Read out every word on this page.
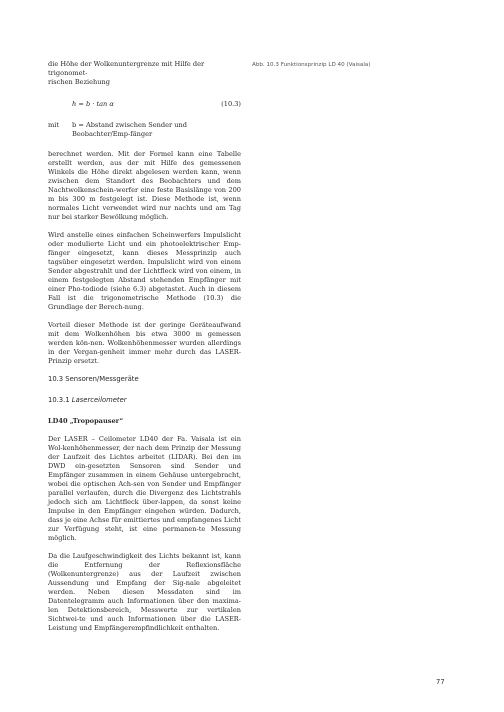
die Höhe der Wolkenuntergrenze mit Hilfe der trigonomet-
rischen Beziehung

h = b · tan α	(10.3)
mit	b = Abstand zwischen Sender und Beobachter/Emp-fänger

berechnet werden. Mit der Formel kann eine Tabelle erstellt werden, aus der mit Hilfe des gemessenen Winkels die Höhe direkt abgelesen werden kann, wenn zwischen dem Standort des Beobachters und dem Nachtwolkenschein-werfer eine feste Basislänge von 200 m bis 300 m festgelegt ist. Diese Methode ist, wenn normales Licht verwendet wird nur nachts und am Tag nur bei starker Bewölkung möglich.

Wird anstelle eines einfachen Scheinwerfers Impulslicht oder modulierte Licht und ein photoelektrischer Emp-fänger eingesetzt, kann dieses Messprinzip auch tagsüber eingesetzt werden. Impulslicht wird von einem Sender abgestrahlt und der Lichtfleck wird von einem, in einem festgelegten Abstand stehenden Empfänger mit einer Pho-todiode (siehe 6.3) abgetastet. Auch in diesem Fall ist die trigonometrische Methode (10.3) die Grundlage der Berech-nung.

Vorteil dieser Methode ist der geringe Geräteaufwand mit dem Wolkenhöhen bis etwa 3000 m gemessen werden kön-nen. Wolkenhöhenmesser wurden allerdings in der Vergan-genheit immer mehr durch das LASER-Prinzip ersetzt.

10.3 Sensoren/Messgeräte
10.3.1 Laserceilometer

LD40 „Tropopauser“

Der LASER – Ceilometer LD40 der Fa. Vaisala ist ein Wol-kenhöhenmesser, der nach dem Prinzip der Messung der Laufzeit des Lichtes arbeitet (LIDAR). Bei den im DWD ein-gesetzten Sensoren sind Sender und Empfänger zusammen in einem Gehäuse untergebracht, wobei die optischen Ach-sen von Sender und Empfänger parallel verlaufen, durch die Divergenz des Lichtstrahls jedoch sich am Lichtfleck über-lappen, da sonst keine Impulse in den Empfänger eingehen würden. Dadurch, dass je eine Achse für emittiertes und empfangenes Licht zur Verfügung steht, ist eine permanen-te Messung möglich.

Da die Laufgeschwindigkeit des Lichts bekannt ist, kann die Entfernung der Reflexionsfläche (Wolkenuntergrenze) aus der Laufzeit zwischen Aussendung und Empfang der Sig-nale abgeleitet werden. Neben diesen Messdaten sind im Datentelegramm auch Informationen über den maxima-len Detektionsbereich, Messwerte zur vertikalen Sichtwei-te und auch Informationen über die LASER-Leistung und Empfängerempfindlichkeit enthalten.

Abb. 10.3 Funktionsprinzip LD 40 (Vaisala)
77
